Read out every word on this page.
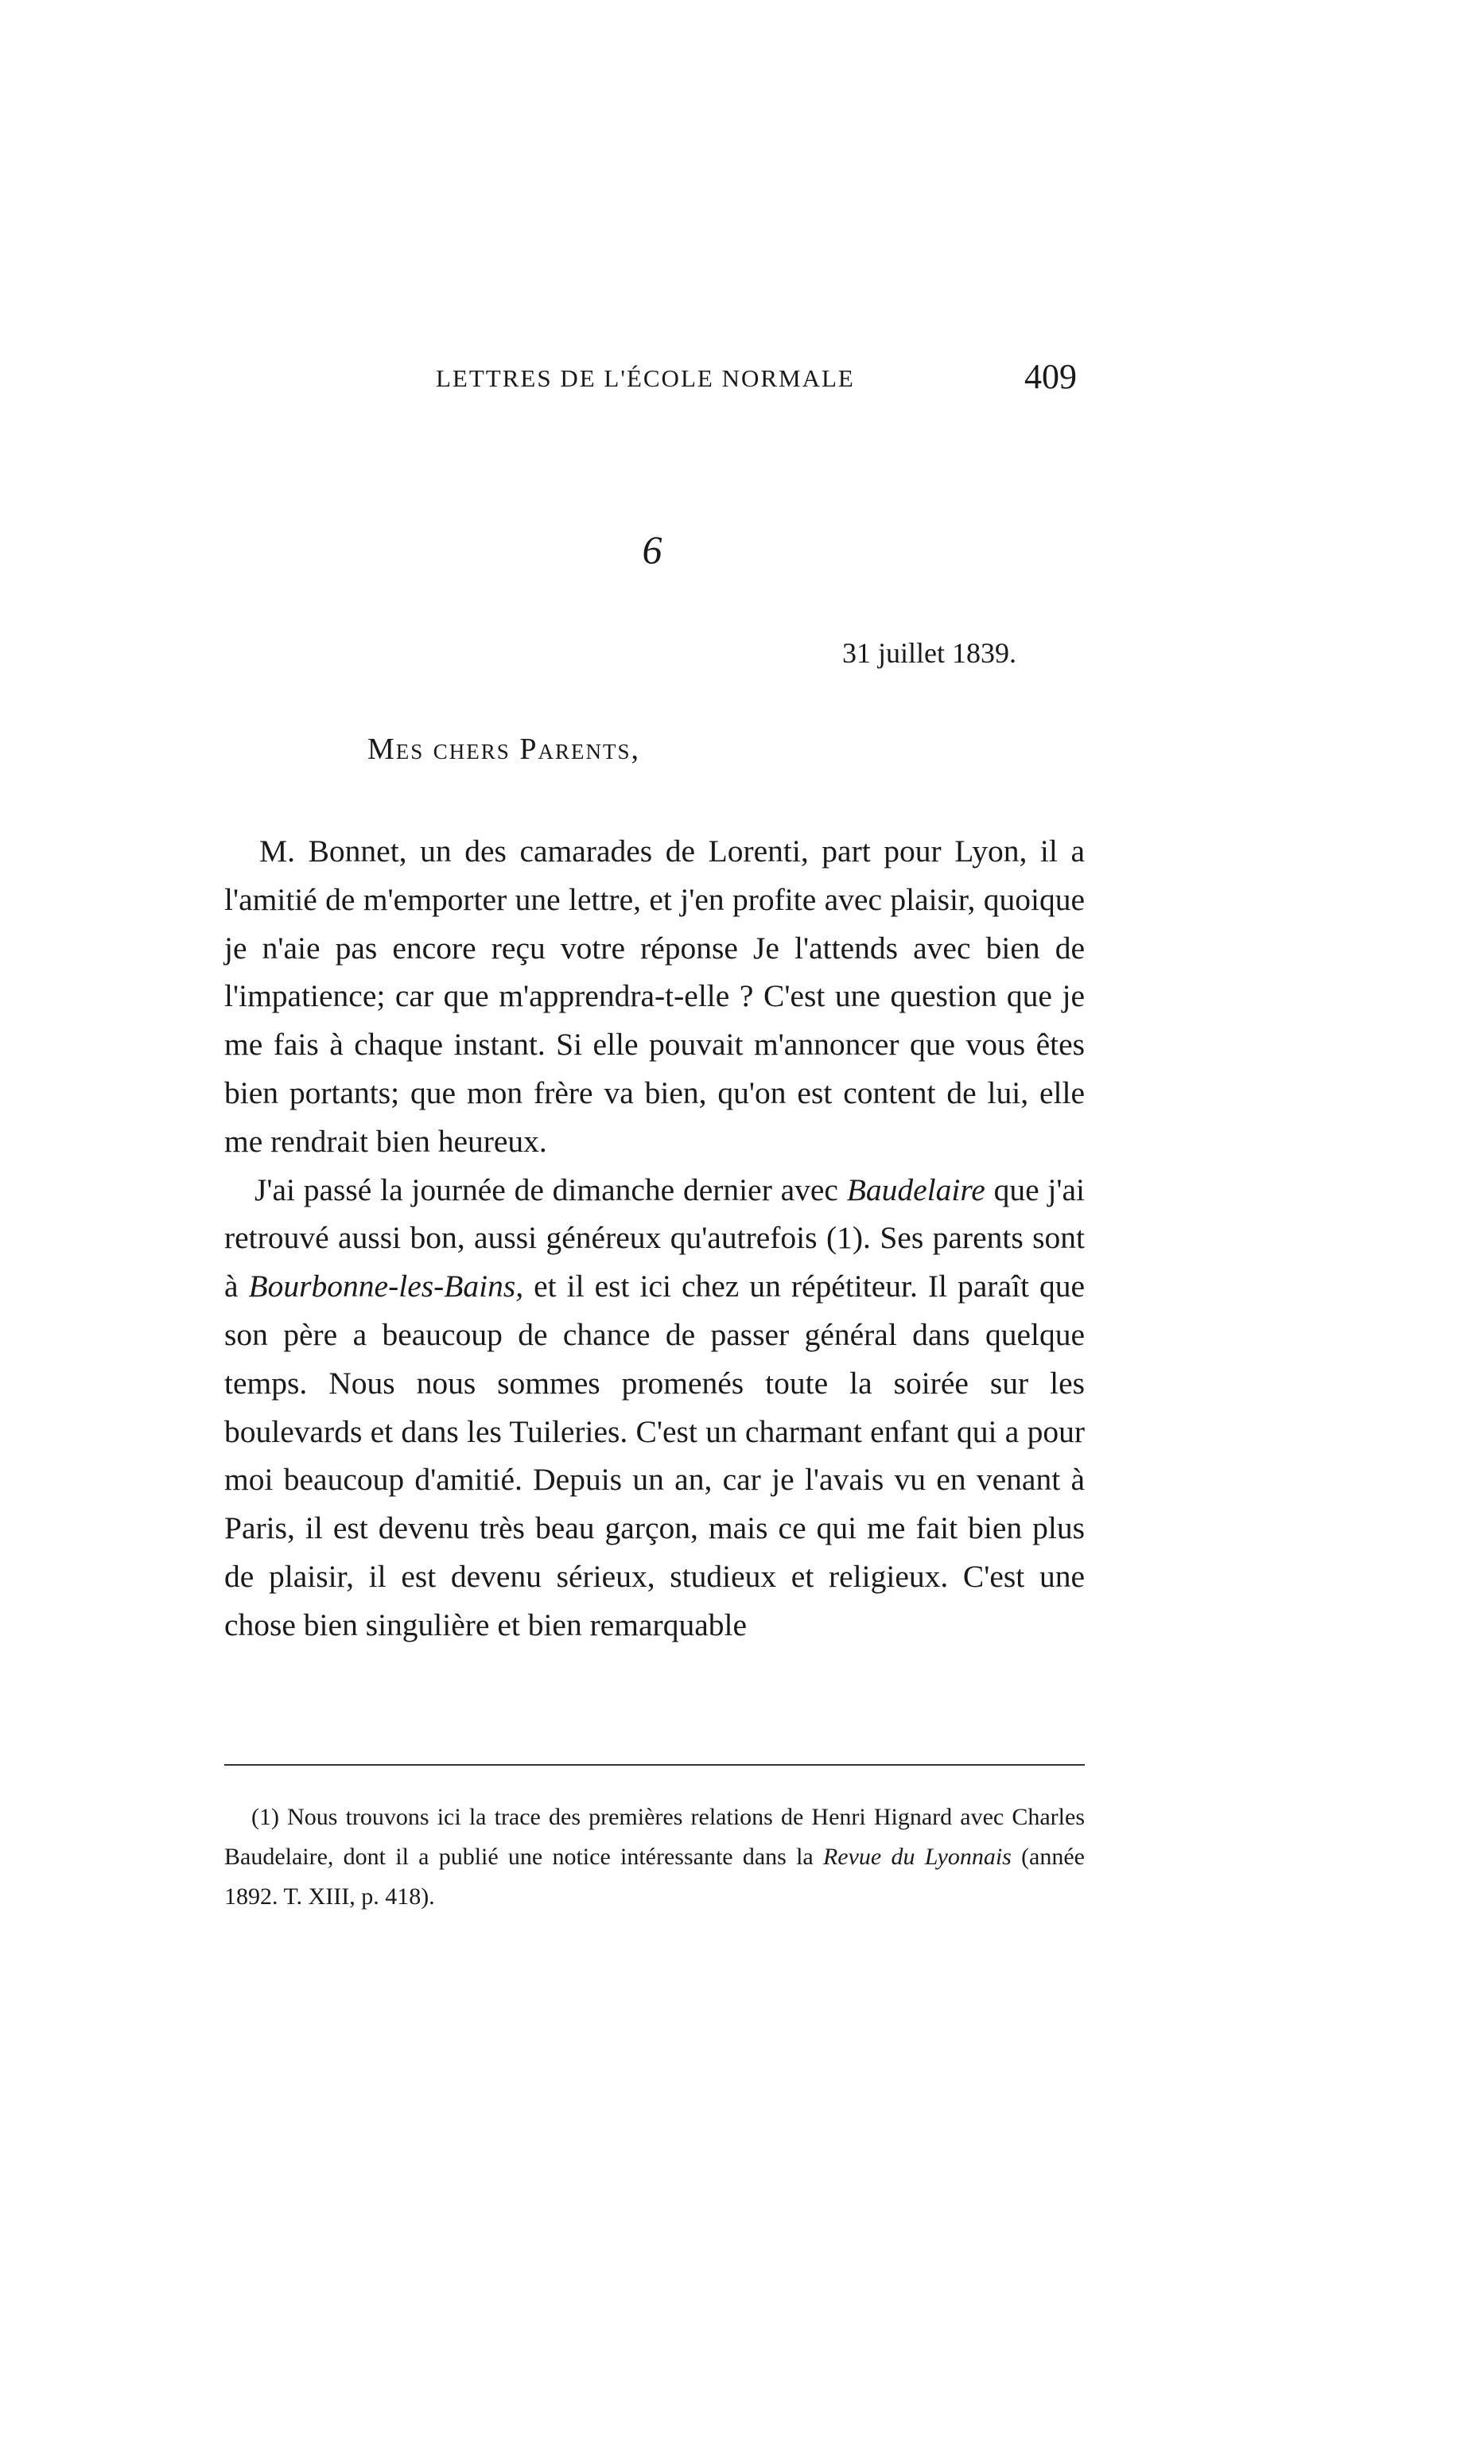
LETTRES DE L'ÉCOLE NORMALE	409
6
31 juillet 1839.
Mes chers Parents,

M. Bonnet, un des camarades de Lorenti, part pour Lyon, il a l'amitié de m'emporter une lettre, et j'en profite avec plaisir, quoique je n'aie pas encore reçu votre réponse Je l'attends avec bien de l'impatience; car que m'apprendra-t-elle ? C'est une question que je me fais à chaque instant. Si elle pouvait m'annoncer que vous êtes bien portants; que mon frère va bien, qu'on est content de lui, elle me rendrait bien heureux.

J'ai passé la journée de dimanche dernier avec Baudelaire que j'ai retrouvé aussi bon, aussi généreux qu'autrefois (1). Ses parents sont à Bourbonne-les-Bains, et il est ici chez un répétiteur. Il paraît que son père a beaucoup de chance de passer général dans quelque temps. Nous nous sommes promenés toute la soirée sur les boulevards et dans les Tuileries. C'est un charmant enfant qui a pour moi beaucoup d'amitié. Depuis un an, car je l'avais vu en venant à Paris, il est devenu très beau garçon, mais ce qui me fait bien plus de plaisir, il est devenu sérieux, studieux et religieux. C'est une chose bien singulière et bien remarquable

(1) Nous trouvons ici la trace des premières relations de Henri Hignard avec Charles Baudelaire, dont il a publié une notice intéressante dans la Revue du Lyonnais (année 1892. T. XIII, p. 418).
